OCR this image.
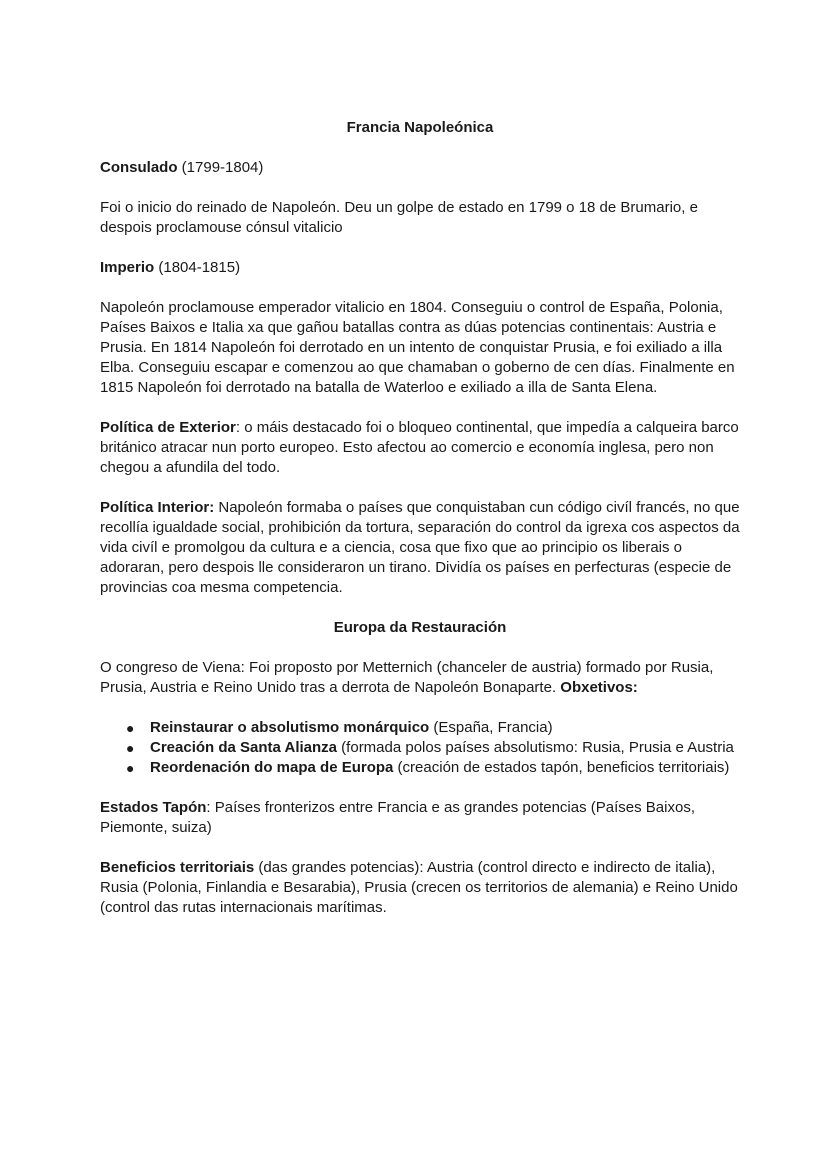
Francia Napoleónica

Consulado (1799-1804)

Foi o inicio do reinado de Napoleón. Deu un golpe de estado en 1799 o 18 de Brumario, e despois proclamouse cónsul vitalicio

Imperio (1804-1815)

Napoleón proclamouse emperador vitalicio en 1804. Conseguiu o control de España, Polonia, Países Baixos e Italia xa que gañou batallas contra as dúas potencias continentais: Austria e Prusia. En 1814 Napoleón foi derrotado en un intento de conquistar Prusia, e foi exiliado a illa Elba. Conseguiu escapar e comenzou ao que chamaban o goberno de cen días. Finalmente en 1815 Napoleón foi derrotado na batalla de Waterloo e exiliado a illa de Santa Elena.

Política de Exterior: o máis destacado foi o bloqueo continental, que impedía a calqueira barco británico atracar nun porto europeo. Esto afectou ao comercio e economía inglesa, pero non chegou a afundila del todo.

Política Interior: Napoleón formaba o países que conquistaban cun código civíl francés, no que recollía igualdade social, prohibición da tortura, separación do control da igrexa cos aspectos da vida civíl e promolgou da cultura e a ciencia, cosa que fixo que ao principio os liberais o adoraran, pero despois lle consideraron un tirano. Dividía os países en perfecturas (especie de provincias coa mesma competencia.

Europa da Restauración

O congreso de Viena: Foi proposto por Metternich (chanceler de austria) formado por Rusia, Prusia, Austria e Reino Unido tras a derrota de Napoleón Bonaparte. Obxetivos:

● Reinstaurar o absolutismo monárquico (España, Francia)
● Creación da Santa Alianza (formada polos países absolutismo: Rusia, Prusia e Austria
● Reordenación do mapa de Europa (creación de estados tapón, beneficios territoriais)

Estados Tapón: Países fronterizos entre Francia e as grandes potencias (Países Baixos, Piemonte, suiza)

Beneficios territoriais (das grandes potencias): Austria (control directo e indirecto de italia), Rusia (Polonia, Finlandia e Besarabia), Prusia (crecen os territorios de alemania) e Reino Unido (control das rutas internacionais marítimas.
